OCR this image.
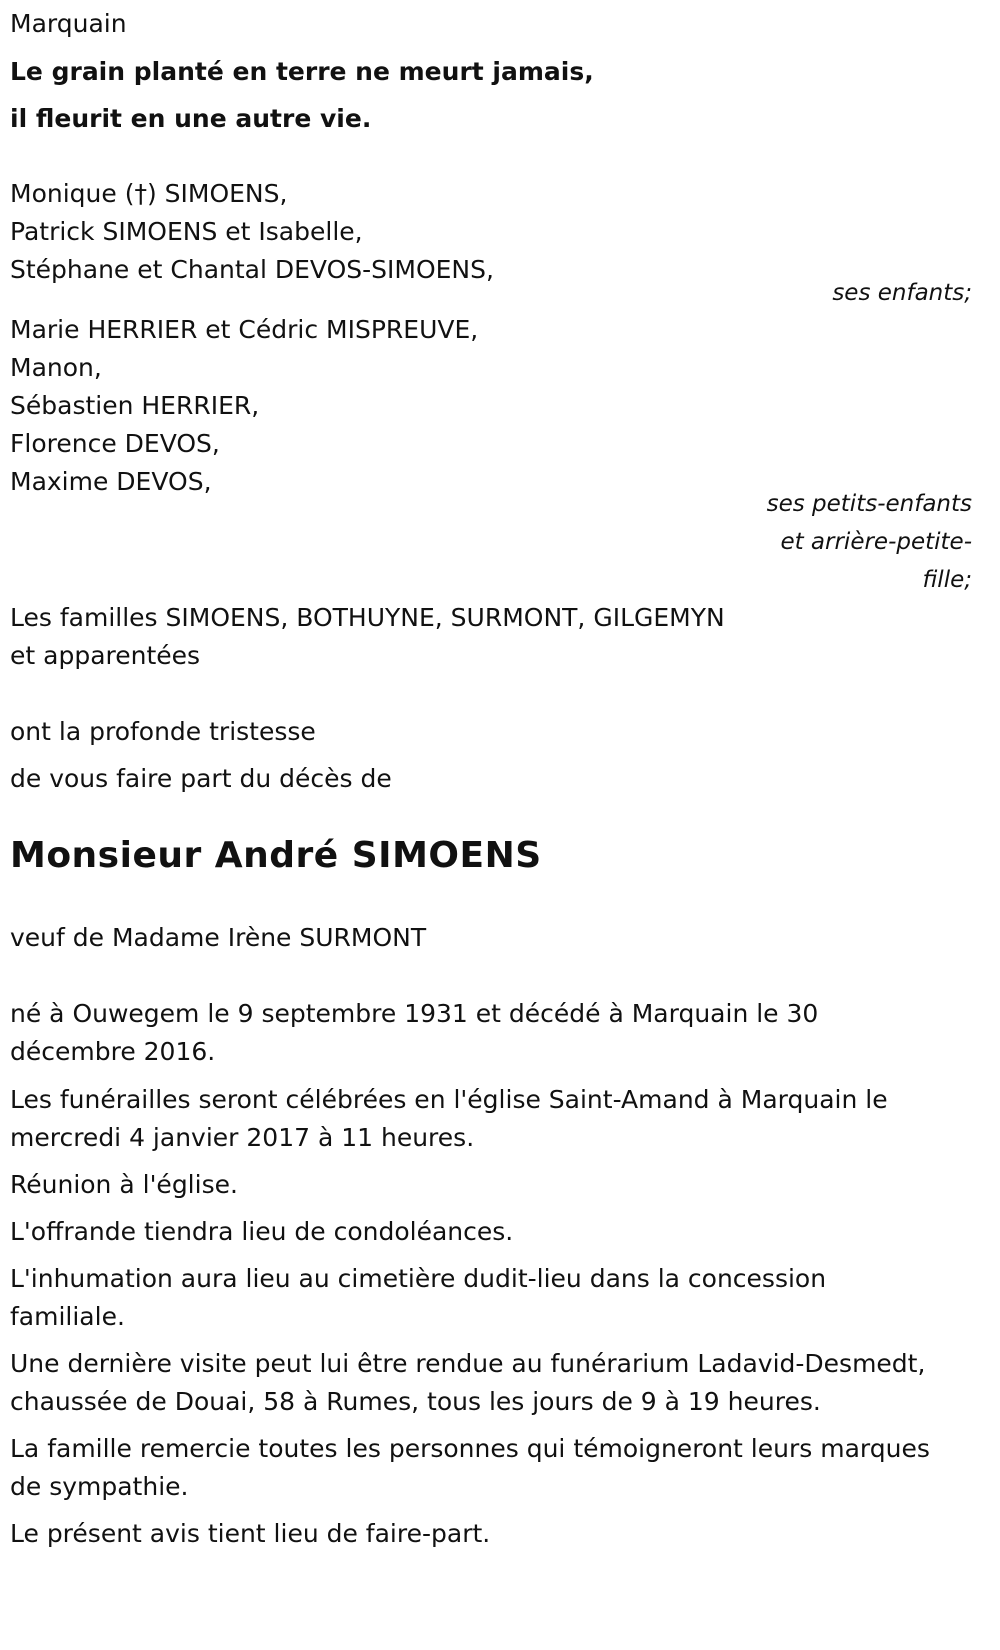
Marquain
Le grain planté en terre ne meurt jamais,
il fleurit en une autre vie.
Monique (†) SIMOENS,
Patrick SIMOENS et Isabelle,
Stéphane et Chantal DEVOS-SIMOENS,
ses enfants;
Marie HERRIER et Cédric MISPREUVE,
Manon,
Sébastien HERRIER,
Florence DEVOS,
Maxime DEVOS,
ses petits-enfants
et arrière-petite-
fille;
Les familles SIMOENS, BOTHUYNE, SURMONT, GILGEMYN
et apparentées
ont la profonde tristesse
de vous faire part du décès de
Monsieur André SIMOENS
veuf de Madame Irène SURMONT
né à Ouwegem le 9 septembre 1931 et décédé à Marquain le 30 décembre 2016.
Les funérailles seront célébrées en l'église Saint-Amand à Marquain le mercredi 4 janvier 2017 à 11 heures.
Réunion à l'église.
L'offrande tiendra lieu de condoléances.
L'inhumation aura lieu au cimetière dudit-lieu dans la concession familiale.
Une dernière visite peut lui être rendue au funérarium Ladavid-Desmedt, chaussée de Douai, 58 à Rumes, tous les jours de 9 à 19 heures.
La famille remercie toutes les personnes qui témoigneront leurs marques de sympathie.
Le présent avis tient lieu de faire-part.
